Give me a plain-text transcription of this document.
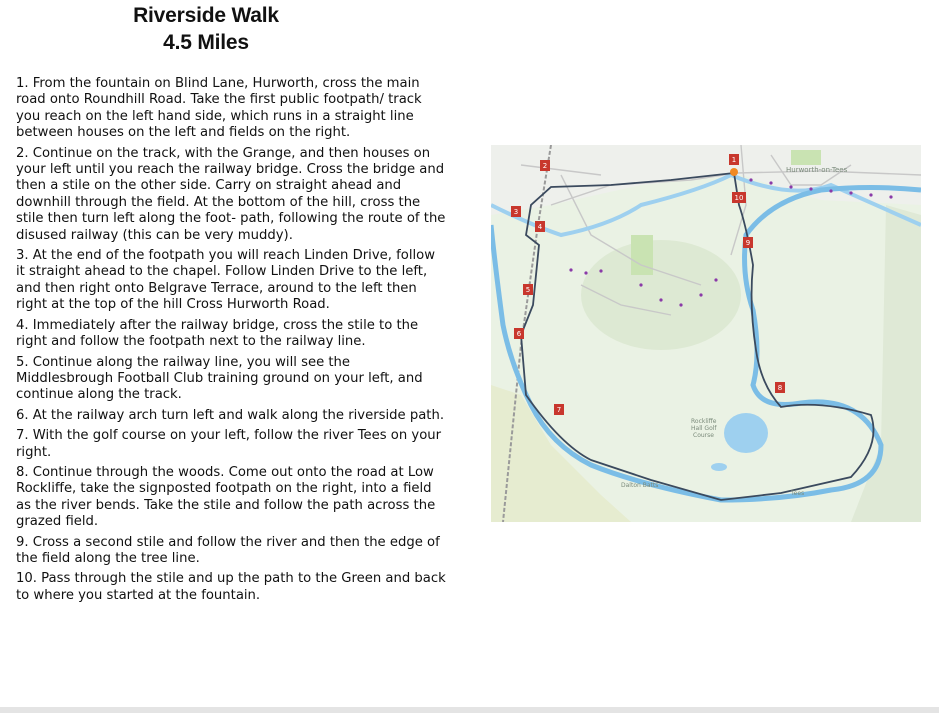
Riverside Walk
4.5 Miles

1. From the fountain on Blind Lane, Hurworth, cross the main road onto Roundhill Road. Take the first public footpath/ track you reach on the left hand side, which runs in a straight line between houses on the left and fields on the right.

2. Continue on the track, with the Grange, and then houses on your left until you reach the railway bridge. Cross the bridge and then a stile on the other side. Carry on straight ahead and downhill through the field. At the bottom of the hill, cross the stile then turn left along the foot- path, following the route of the disused railway (this can be very muddy).

3. At the end of the footpath you will reach Linden Drive, follow it straight ahead to the chapel. Follow Linden Drive to the left, and then right onto Belgrave Terrace, around to the left then right at the top of the hill Cross Hurworth Road.

4. Immediately after the railway bridge, cross the stile to the right and follow the footpath next to the railway line.

5. Continue along the railway line, you will see the Middlesbrough Football Club training ground on your left, and continue along the track.

6. At the railway arch turn left and walk along the riverside path.

7. With the golf course on your left, follow the river Tees on your right.

8. Continue through the woods. Come out onto the road at Low Rockliffe, take the signposted footpath on the right, into a field as the river bends. Take the stile and follow the path across the grazed field.

9. Cross a second stile and follow the river and then the edge of the field along the tree line.

10. Pass through the stile and up the path to the Green and back to where you started at the fountain.

Hurworth-on-Tees
Rockliffe
Hall Golf
Course
Dalton Batts
Tees
1
2
3
4
5
6
7
8
9
10
